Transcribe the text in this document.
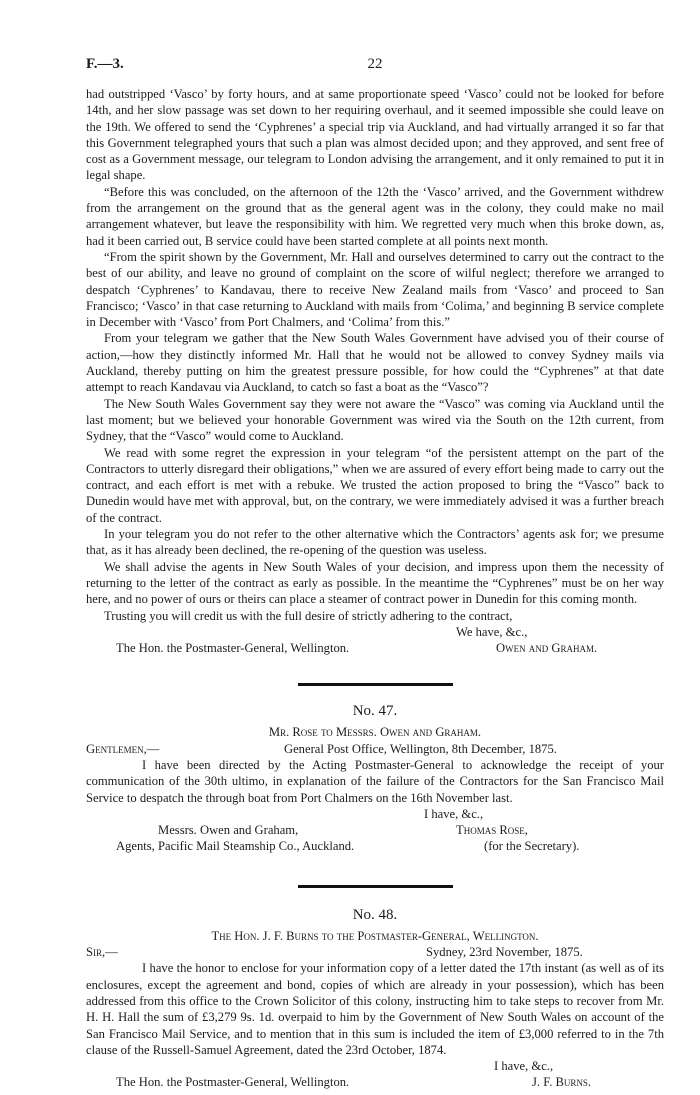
F.—3.	22

had outstripped ‘Vasco’ by forty hours, and at same proportionate speed ‘Vasco’ could not be looked for before 14th, and her slow passage was set down to her requiring overhaul, and it seemed impossible she could leave on the 19th. We offered to send the ‘Cyphrenes’ a special trip via Auckland, and had virtually arranged it so far that this Government telegraphed yours that such a plan was almost decided upon; and they approved, and sent free of cost as a Government message, our telegram to London advising the arrangement, and it only remained to put it in legal shape.

“Before this was concluded, on the afternoon of the 12th the ‘Vasco’ arrived, and the Government withdrew from the arrangement on the ground that as the general agent was in the colony, they could make no mail arrangement whatever, but leave the responsibility with him. We regretted very much when this broke down, as, had it been carried out, B service could have been started complete at all points next month.

“From the spirit shown by the Government, Mr. Hall and ourselves determined to carry out the contract to the best of our ability, and leave no ground of complaint on the score of wilful neglect; therefore we arranged to despatch ‘Cyphrenes’ to Kandavau, there to receive New Zealand mails from ‘Vasco’ and proceed to San Francisco; ‘Vasco’ in that case returning to Auckland with mails from ‘Colima,’ and beginning B service complete in December with ‘Vasco’ from Port Chalmers, and ‘Colima’ from this.”

From your telegram we gather that the New South Wales Government have advised you of their course of action,—how they distinctly informed Mr. Hall that he would not be allowed to convey Sydney mails via Auckland, thereby putting on him the greatest pressure possible, for how could the “Cyphrenes” at that date attempt to reach Kandavau via Auckland, to catch so fast a boat as the “Vasco”?

The New South Wales Government say they were not aware the “Vasco” was coming via Auckland until the last moment; but we believed your honorable Government was wired via the South on the 12th current, from Sydney, that the “Vasco” would come to Auckland.

We read with some regret the expression in your telegram “of the persistent attempt on the part of the Contractors to utterly disregard their obligations,” when we are assured of every effort being made to carry out the contract, and each effort is met with a rebuke. We trusted the action proposed to bring the “Vasco” back to Dunedin would have met with approval, but, on the contrary, we were immediately advised it was a further breach of the contract.

In your telegram you do not refer to the other alternative which the Contractors’ agents ask for; we presume that, as it has already been declined, the re-opening of the question was useless.

We shall advise the agents in New South Wales of your decision, and impress upon them the necessity of returning to the letter of the contract as early as possible. In the meantime the “Cyphrenes” must be on her way here, and no power of ours or theirs can place a steamer of contract power in Dunedin for this coming month.

Trusting you will credit us with the full desire of strictly adhering to the contract,

We have, &c.,
The Hon. the Postmaster-General, Wellington.	Owen and Graham.
No. 47.
Mr. Rose to Messrs. Owen and Graham.
Gentlemen,—	General Post Office, Wellington, 8th December, 1875.

I have been directed by the Acting Postmaster-General to acknowledge the receipt of your communication of the 30th ultimo, in explanation of the failure of the Contractors for the San Francisco Mail Service to despatch the through boat from Port Chalmers on the 16th November last.

I have, &c.,
Messrs. Owen and Graham,	Thomas Rose,
Agents, Pacific Mail Steamship Co., Auckland.	(for the Secretary).
No. 48.
The Hon. J. F. Burns to the Postmaster-General, Wellington.
Sir,—	Sydney, 23rd November, 1875.

I have the honor to enclose for your information copy of a letter dated the 17th instant (as well as of its enclosures, except the agreement and bond, copies of which are already in your possession), which has been addressed from this office to the Crown Solicitor of this colony, instructing him to take steps to recover from Mr. H. H. Hall the sum of £3,279 9s. 1d. overpaid to him by the Government of New South Wales on account of the San Francisco Mail Service, and to mention that in this sum is included the item of £3,000 referred to in the 7th clause of the Russell-Samuel Agreement, dated the 23rd October, 1874.

I have, &c.,
The Hon. the Postmaster-General, Wellington.	J. F. Burns.
